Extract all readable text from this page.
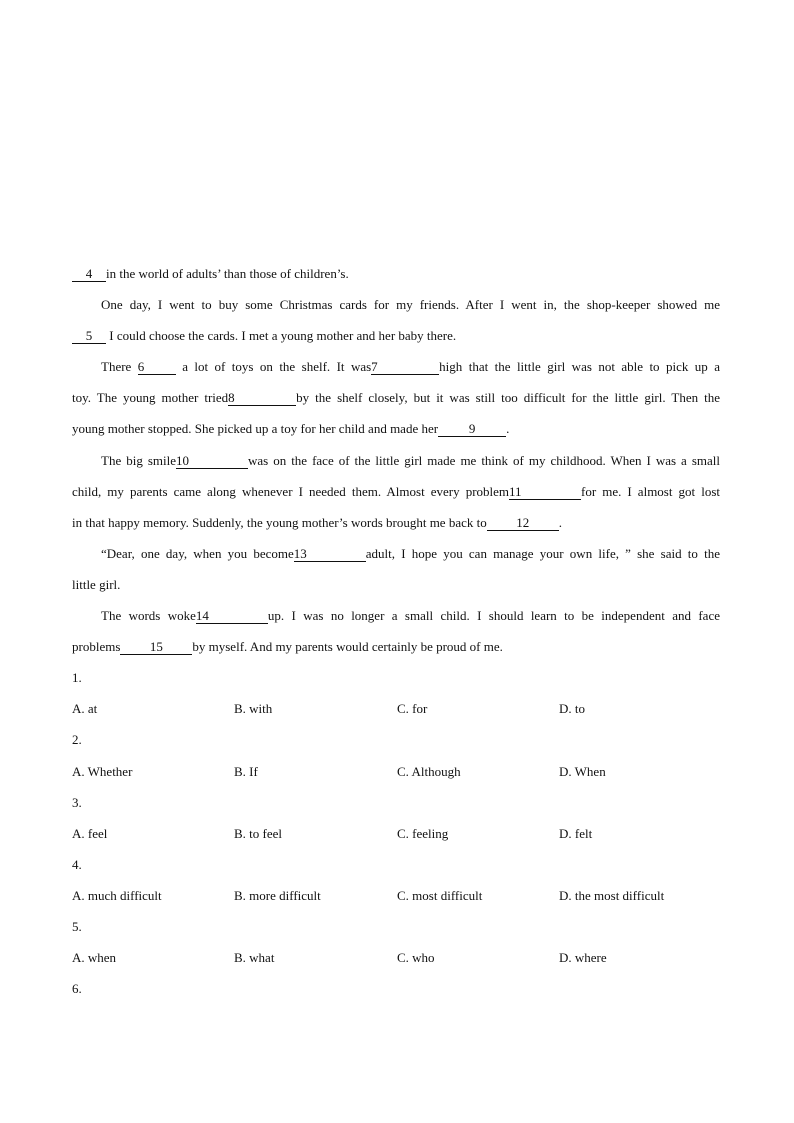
4 in the world of adults’ than those of children’s.
One day, I went to buy some Christmas cards for my friends. After I went in, the shop-keeper showed me
5 I could choose the cards. I met a young mother and her baby there.
There 6	a lot of toys on the shelf. It was7	high that the little girl was not able to pick up a
toy. The young mother tried8	by the shelf closely, but it was still too difficult for the little girl. Then the
young mother stopped. She picked up a toy for her child and made her 9 .
The big smile10	was on the face of the little girl made me think of my childhood. When I was a small
child, my parents came along whenever I needed them. Almost every problem11	for me. I almost got lost
in that happy memory. Suddenly, the young mother’s words brought me back to 12 .
“Dear, one day, when you become13	adult, I hope you can manage your own life, ” she said to the
little girl.
The words woke14	up. I was no longer a small child. I should learn to be independent and face
problems 15 by myself. And my parents would certainly be proud of me.
1.
A. at	B. with	C. for	D. to
2.
A. Whether	B. If	C. Although	D. When
3.
A. feel	B. to feel	C. feeling	D. felt
4.
A. much difficult	B. more difficult	C. most difficult	D. the most difficult
5.
A. when	B. what	C. who	D. where
6.
